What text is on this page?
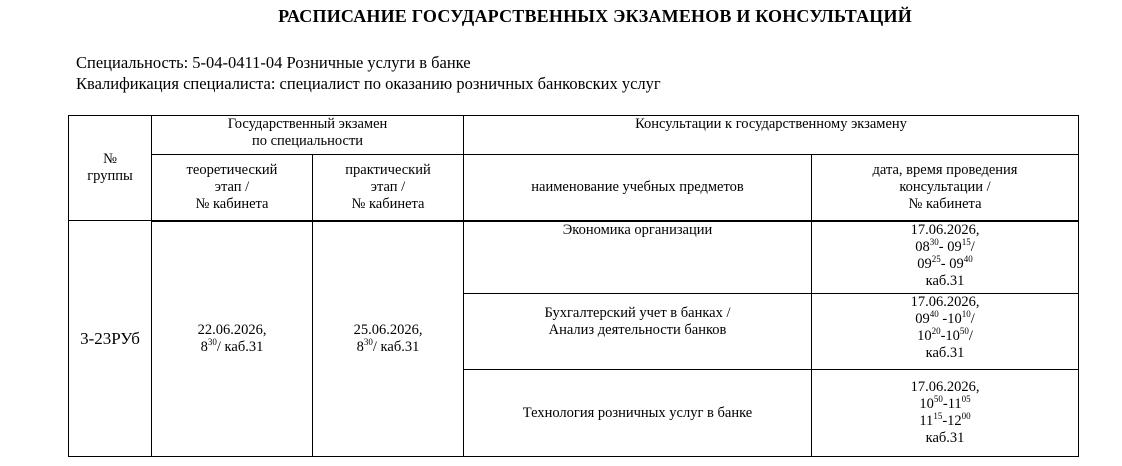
РАСПИСАНИЕ ГОСУДАРСТВЕННЫХ ЭКЗАМЕНОВ И КОНСУЛЬТАЦИЙ
Специальность: 5-04-0411-04 Розничные услуги в банке
Квалификация специалиста: специалист по оказанию розничных банковских услуг
№
группы	Государственный экзамен
по специальности		Консультации к государственному экзамену	

	теоретический
этап /
№ кабинета	практический
этап /
№ кабинета	наименование учебных предметов	дата, время проведения
консультации /
№ кабинета

3-23РУб	22.06.2026,
$8^{30}/$ каб.31	25.06.2026,
$8^{30}/$ каб.31	Экономика организации	17.06.2026,
$08^{30}-$ $09^{15}/$
$09^{25}-$ $09^{40}$
каб.31

			Бухгалтерский учет в банках /
Анализ деятельности банков	17.06.2026,
$09^{40}$ $-10^{10}/$
$10^{20}-10^{50}/$
каб.31

			Технология розничных услуг в банке	17.06.2026,
$10^{50}-11^{05}$
$11^{15}-12^{00}$
каб.31
